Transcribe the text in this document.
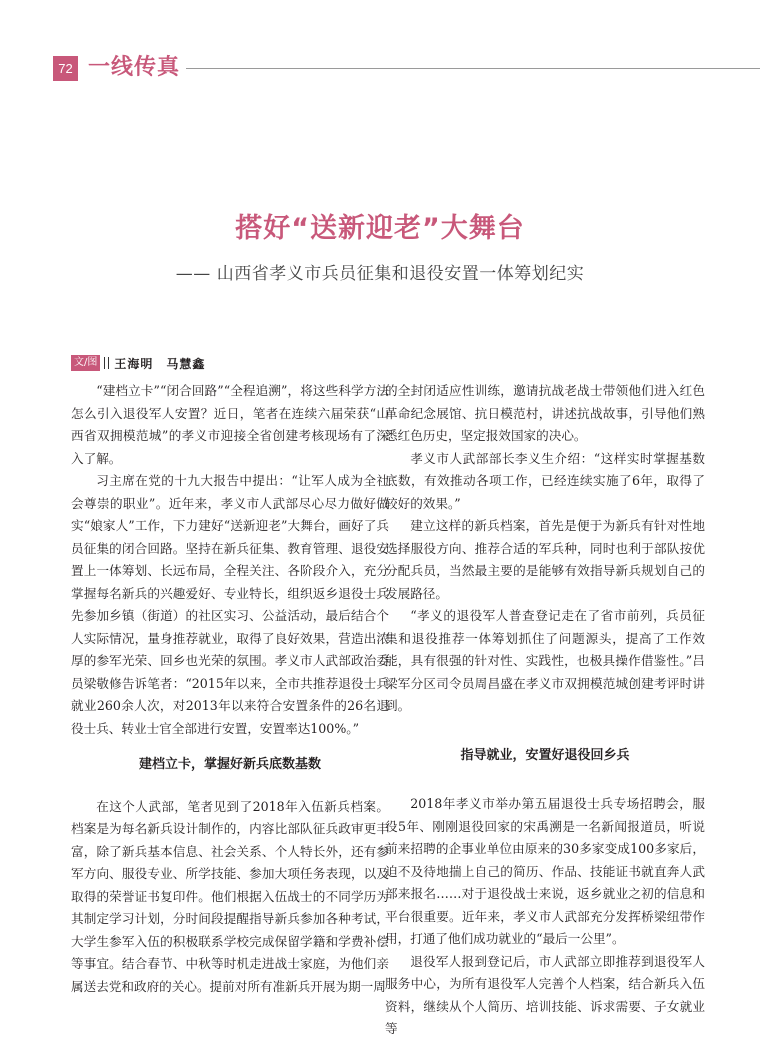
72 一线传真
搭好“送新迎老”大舞台
—— 山西省孝义市兵员征集和退役安置一体筹划纪实
文/图 王海明　马慧鑫

“建档立卡”“闭合回路”“全程追溯”，将这些科学方法怎么引入退役军人安置？近日，笔者在连续六届荣获“山西省双拥模范城”的孝义市迎接全省创建考核现场有了深入了解。

习主席在党的十九大报告中提出：“让军人成为全社会尊崇的职业”。近年来，孝义市人武部尽心尽力做好做实“娘家人”工作，下力建好“送新迎老”大舞台，画好了兵员征集的闭合回路。坚持在新兵征集、教育管理、退役安置上一体筹划、长远布局，全程关注、各阶段介入，充分掌握每名新兵的兴趣爱好、专业特长，组织返乡退役士兵先参加乡镇（街道）的社区实习、公益活动，最后结合个人实际情况，量身推荐就业，取得了良好效果，营造出浓厚的参军光荣、回乡也光荣的氛围。孝义市人武部政治委员梁敬修告诉笔者：“2015年以来，全市共推荐退役士兵就业260余人次，对2013年以来符合安置条件的26名退役士兵、转业士官全部进行安置，安置率达100%。”

建档立卡，掌握好新兵底数基数

在这个人武部，笔者见到了2018年入伍新兵档案。档案是为每名新兵设计制作的，内容比部队征兵政审更丰富，除了新兵基本信息、社会关系、个人特长外，还有参军方向、服役专业、所学技能、参加大项任务表现，以及取得的荣誉证书复印件。他们根据入伍战士的不同学历为其制定学习计划，分时间段提醒指导新兵参加各种考试，大学生参军入伍的积极联系学校完成保留学籍和学费补偿等事宜。结合春节、中秋等时机走进战士家庭，为他们亲属送去党和政府的关心。提前对所有准新兵开展为期一周

的全封闭适应性训练，邀请抗战老战士带领他们进入红色革命纪念展馆、抗日模范村，讲述抗战故事，引导他们熟悉红色历史，坚定报效国家的决心。

孝义市人武部部长李义生介绍：“这样实时掌握基数底数，有效推动各项工作，已经连续实施了6年，取得了较好的效果。”

建立这样的新兵档案，首先是便于为新兵有针对性地选择服役方向、推荐合适的军兵种，同时也利于部队按优分配兵员，当然最主要的是能够有效指导新兵规划自己的发展路径。

“孝义的退役军人普查登记走在了省市前列，兵员征集和退役推荐一体筹划抓住了问题源头，提高了工作效能，具有很强的针对性、实践性，也极具操作借鉴性。”吕梁军分区司令员周昌盛在孝义市双拥模范城创建考评时讲到。

指导就业，安置好退役回乡兵

2018年孝义市举办第五届退役士兵专场招聘会，服役5年、刚刚退役回家的宋禹溯是一名新闻报道员，听说前来招聘的企事业单位由原来的30多家变成100多家后，迫不及待地揣上自己的简历、作品、技能证书就直奔人武部来报名……对于退役战士来说，返乡就业之初的信息和平台很重要。近年来，孝义市人武部充分发挥桥梁纽带作用，打通了他们成功就业的“最后一公里”。

退役军人报到登记后，市人武部立即推荐到退役军人服务中心，为所有退役军人完善个人档案，结合新兵入伍资料，继续从个人简历、培训技能、诉求需要、子女就业等
